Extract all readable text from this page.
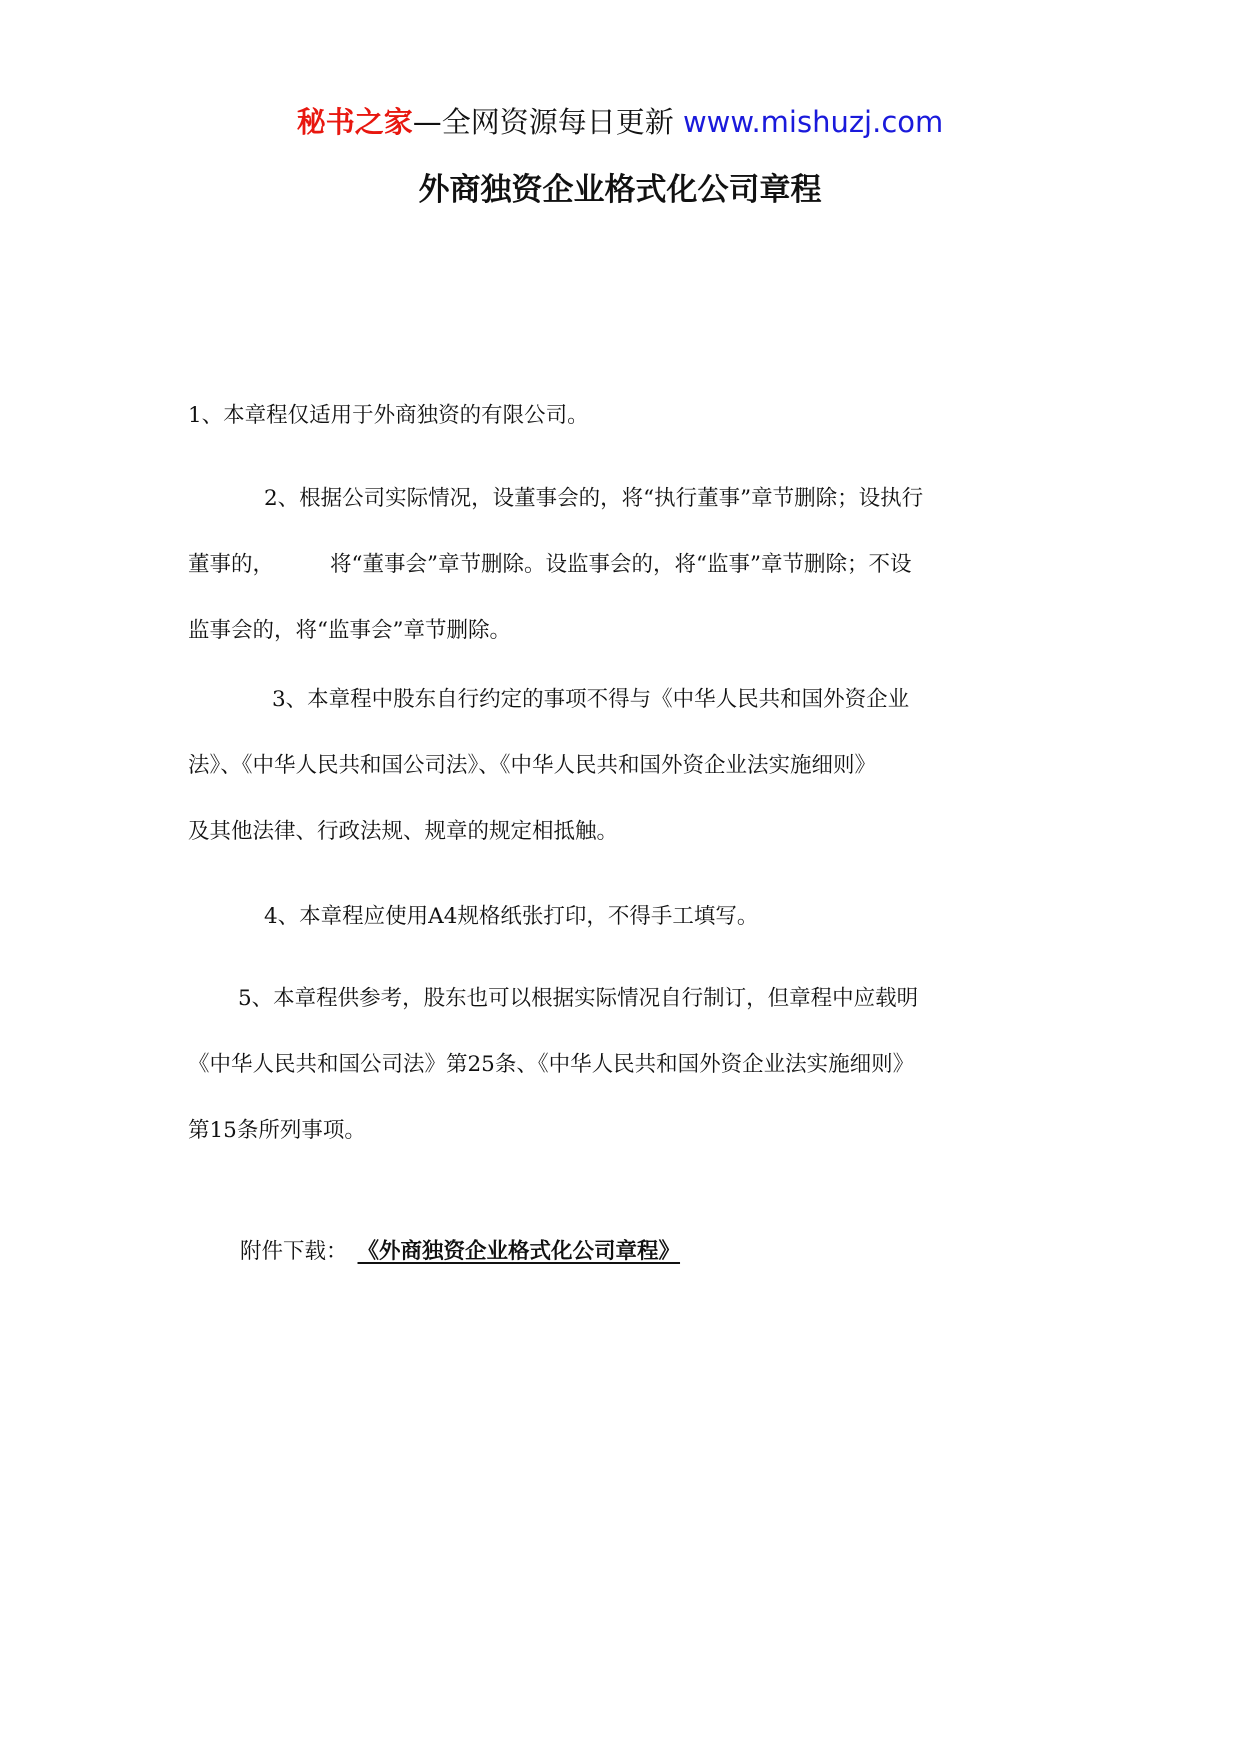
秘书之家—全网资源每日更新 www.mishuzj.com
外商独资企业格式化公司章程

1、本章程仅适用于外商独资的有限公司。

2、根据公司实际情况，设董事会的，将“执行董事”章节删除；设执行
董事的，	将“董事会”章节删除。设监事会的，将“监事”章节删除；不设
监事会的，将“监事会”章节删除。

3、本章程中股东自行约定的事项不得与《中华人民共和国外资企业
法》、《中华人民共和国公司法》、《中华人民共和国外资企业法实施细则》
及其他法律、行政法规、规章的规定相抵触。

4、本章程应使用A4规格纸张打印，不得手工填写。

5、本章程供参考，股东也可以根据实际情况自行制订，但章程中应载明
《中华人民共和国公司法》第25条、《中华人民共和国外资企业法实施细则》
第15条所列事项。

附件下载： 《外商独资企业格式化公司章程》
